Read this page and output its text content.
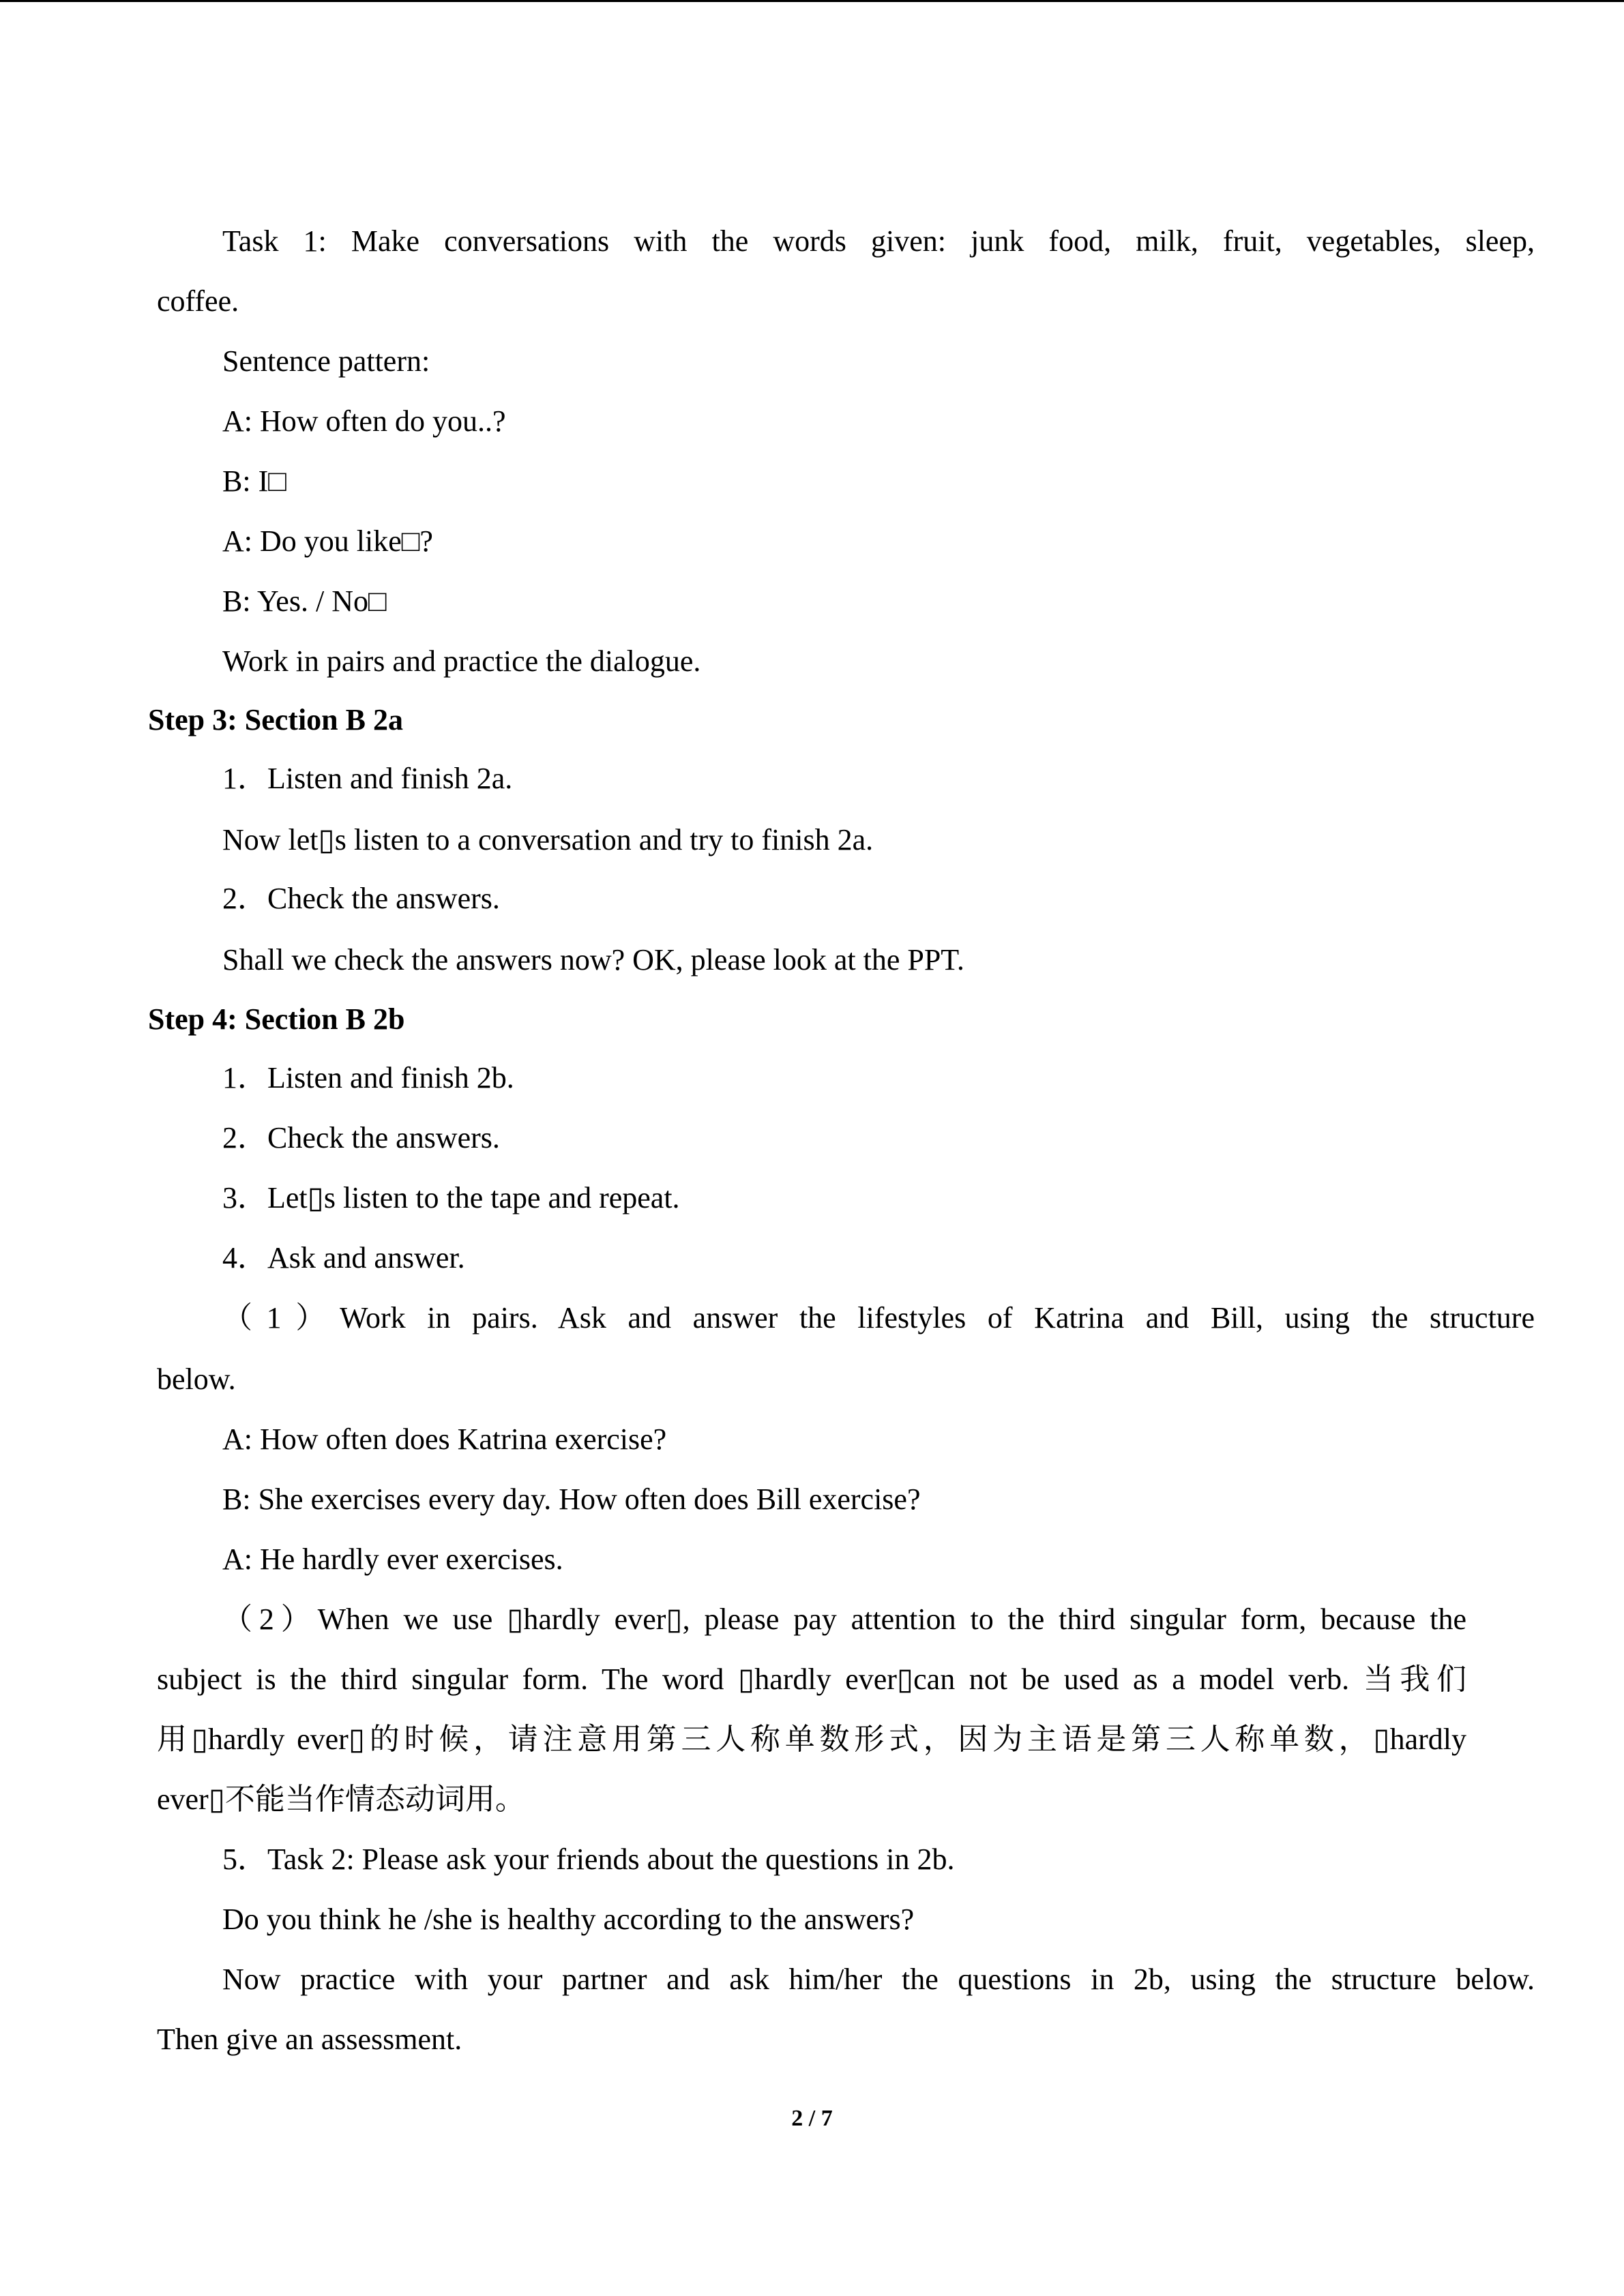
Task 1: Make conversations with the words given: junk food, milk, fruit, vegetables, sleep,
coffee.
Sentence pattern:
A: How often do you..?
B: I□
A: Do you like□?
B: Yes. / No□
Work in pairs and practice the dialogue.
Step 3: Section B 2a
1．Listen and finish 2a.
Now let▯s listen to a conversation and try to finish 2a.
2．Check the answers.
Shall we check the answers now? OK, please look at the PPT.
Step 4: Section B 2b
1．Listen and finish 2b.
2．Check the answers.
3．Let▯s listen to the tape and repeat.
4．Ask and answer.
（1）Work in pairs. Ask and answer the lifestyles of Katrina and Bill, using the structure
below.
A: How often does Katrina exercise?
B: She exercises every day. How often does Bill exercise?
A: He hardly ever exercises.
（2）When we use ▯hardly ever▯, please pay attention to the third singular form, because the
subject is the third singular form. The word ▯hardly ever▯can not be used as a model verb. 当我们
用▯hardly ever▯的时候，请注意用第三人称单数形式，因为主语是第三人称单数，▯hardly
ever▯不能当作情态动词用。
5．Task 2: Please ask your friends about the questions in 2b.
Do you think he /she is healthy according to the answers?
Now practice with your partner and ask him/her the questions in 2b, using the structure below.
Then give an assessment.
2 / 7
